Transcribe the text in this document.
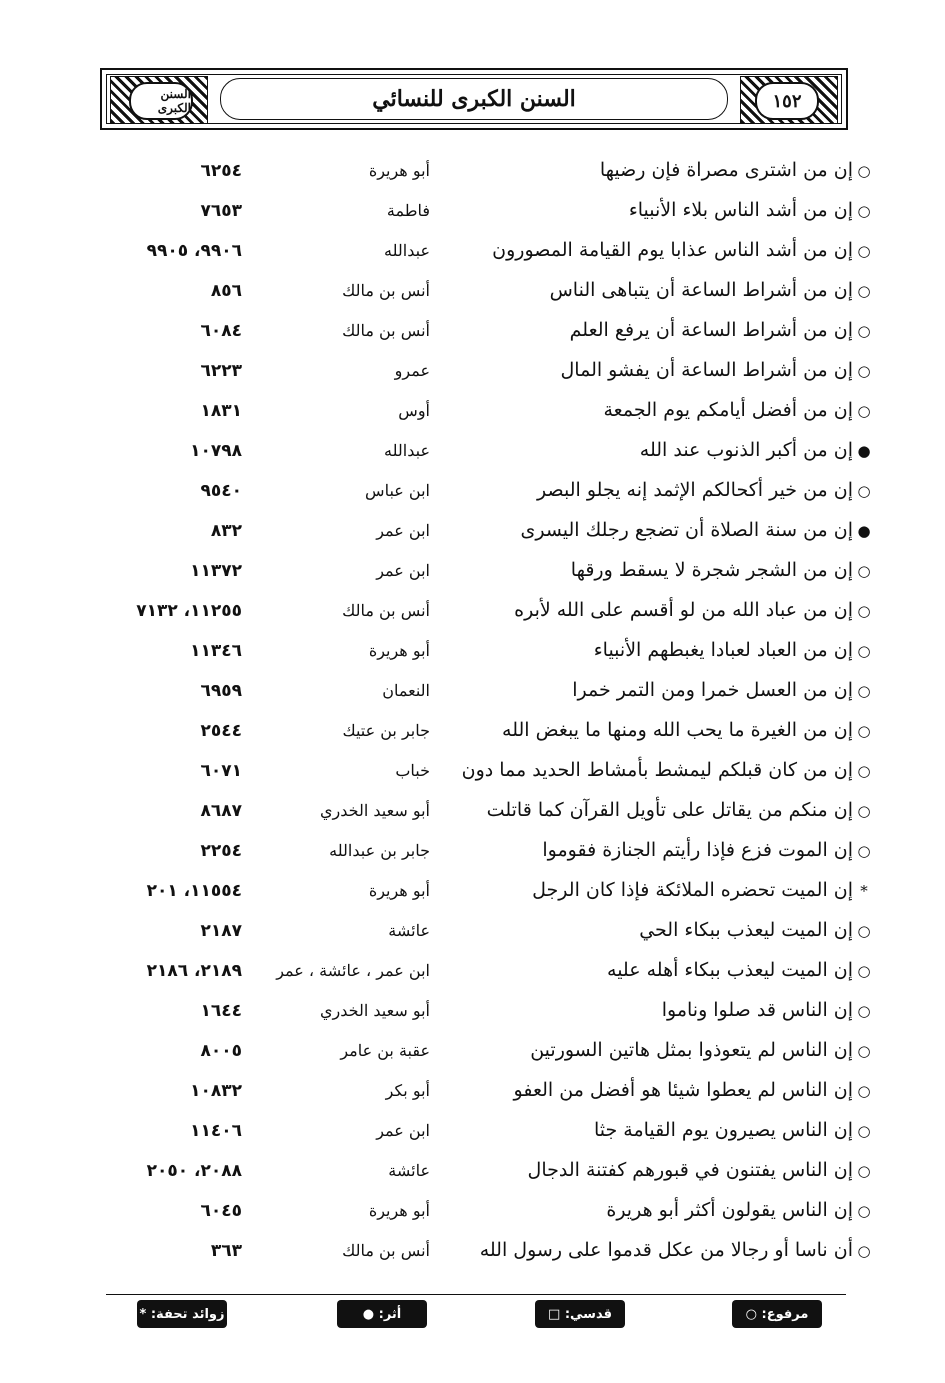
السنن الكبرى	السنن الكبرى للنسائي	١٥٢
○
إن من اشترى مصراة فإن رضيها
أبو هريرة
٦٢٥٤
○
إن من أشد الناس بلاء الأنبياء
فاطمة
٧٦٥٣
○
إن من أشد الناس عذابا يوم القيامة المصورون
عبدالله
٩٩٠٦، ٩٩٠٥
○
إن من أشراط الساعة أن يتباهى الناس
أنس بن مالك
٨٥٦
○
إن من أشراط الساعة أن يرفع العلم
أنس بن مالك
٦٠٨٤
○
إن من أشراط الساعة أن يفشو المال
عمرو
٦٢٢٣
○
إن من أفضل أيامكم يوم الجمعة
أوس
١٨٣١
●
إن من أكبر الذنوب عند الله
عبدالله
١٠٧٩٨
○
إن من خير أكحالكم الإثمد إنه يجلو البصر
ابن عباس
٩٥٤٠
●
إن من سنة الصلاة أن تضجع رجلك اليسرى
ابن عمر
٨٣٢
○
إن من الشجر شجرة لا يسقط ورقها
ابن عمر
١١٣٧٢
○
إن من عباد الله من لو أقسم على الله لأبره
أنس بن مالك
١١٢٥٥، ٧١٣٢
○
إن من العباد لعبادا يغبطهم الأنبياء
أبو هريرة
١١٣٤٦
○
إن من العسل خمرا ومن التمر خمرا
النعمان
٦٩٥٩
○
إن من الغيرة ما يحب الله ومنها ما يبغض الله
جابر بن عتيك
٢٥٤٤
○
إن من كان قبلكم ليمشط بأمشاط الحديد مما دون
خباب
٦٠٧١
○
إن منكم من يقاتل على تأويل القرآن كما قاتلت
أبو سعيد الخدري
٨٦٨٧
○
إن الموت فزع فإذا رأيتم الجنازة فقوموا
جابر بن عبدالله
٢٢٥٤
*
إن الميت تحضره الملائكة فإذا كان الرجل
أبو هريرة
١١٥٥٤، ٢٠١
○
إن الميت ليعذب ببكاء الحي
عائشة
٢١٨٧
○
إن الميت ليعذب ببكاء أهله عليه
ابن عمر ، عائشة ، عمر
٢١٨٩، ٢١٨٦
○
إن الناس قد صلوا وناموا
أبو سعيد الخدري
١٦٤٤
○
إن الناس لم يتعوذوا بمثل هاتين السورتين
عقبة بن عامر
٨٠٠٥
○
إن الناس لم يعطوا شيئا هو أفضل من العفو
أبو بكر
١٠٨٣٢
○
إن الناس يصيرون يوم القيامة جثا
ابن عمر
١١٤٠٦
○
إن الناس يفتنون في قبورهم كفتنة الدجال
عائشة
٢٠٨٨، ٢٠٥٠
○
إن الناس يقولون أكثر أبو هريرة
أبو هريرة
٦٠٤٥
○
أن ناسا أو رجالا من عكل قدموا على رسول الله
أنس بن مالك
٣٦٣
مرفوع: ○
قدسي: □
أثر: ●
زوائد تحفة: *
